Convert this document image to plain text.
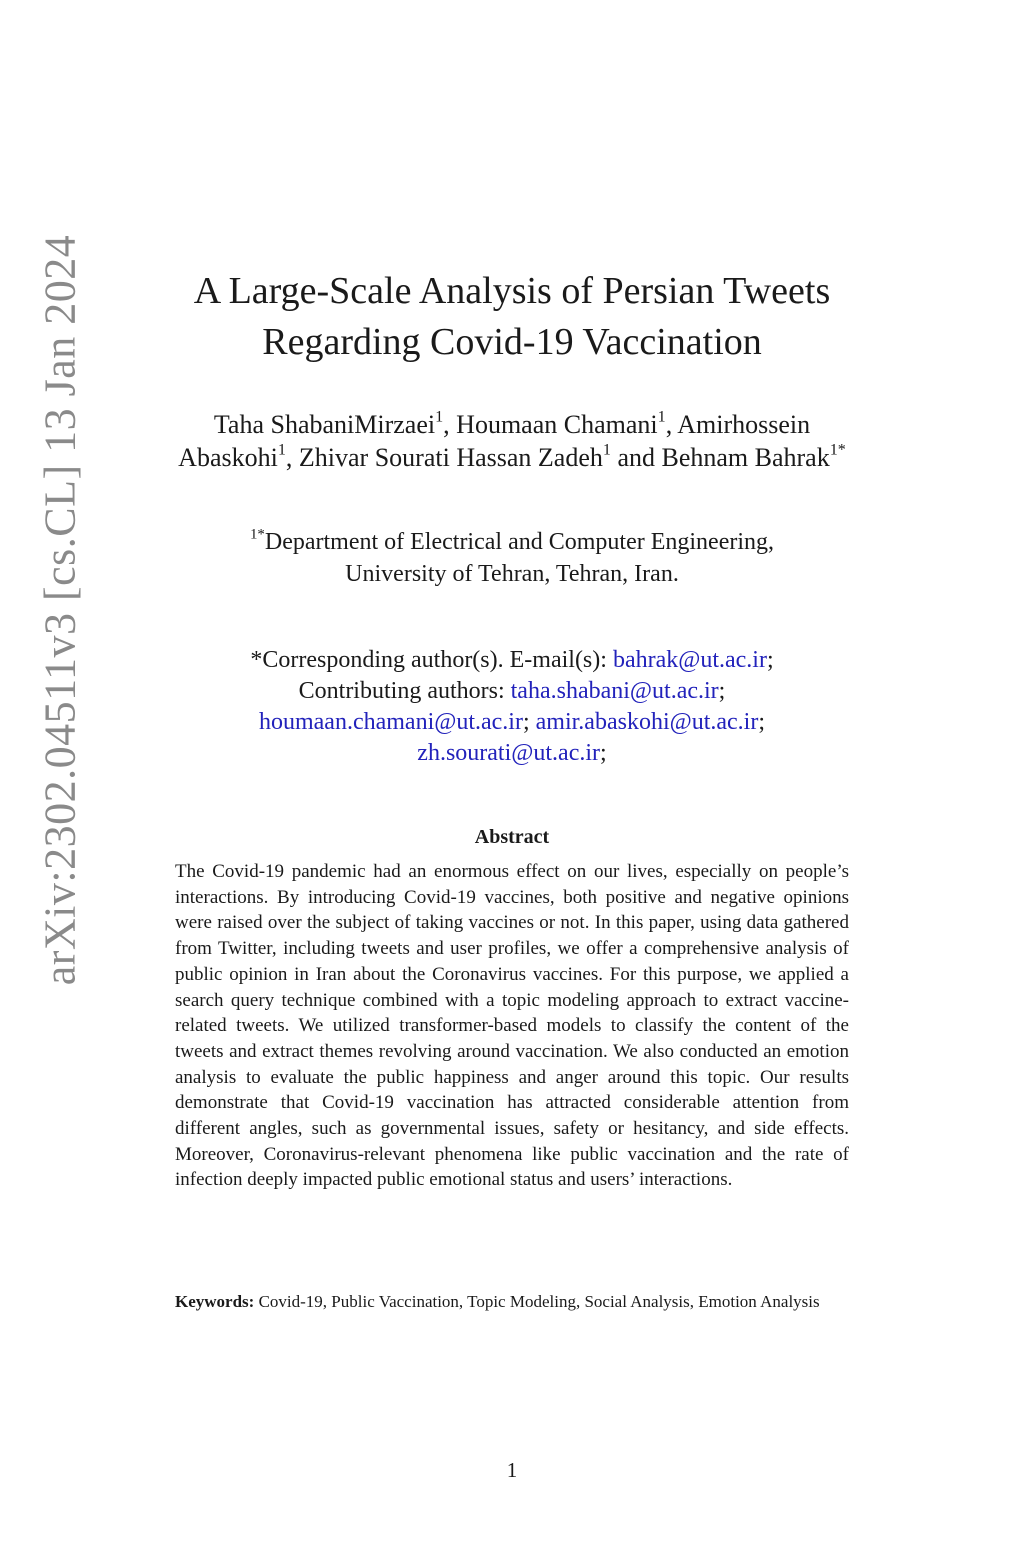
arXiv:2302.04511v3 [cs.CL] 13 Jan 2024	A Large-Scale Analysis of Persian Tweets
Regarding Covid-19 Vaccination
Taha ShabaniMirzaei$^1$, Houmaan Chamani$^1$, Amirhossein Abaskohi$^1$, Zhivar Sourati Hassan Zadeh$^1$ and Behnam Bahrak$^{1*}$
$^{1*}$Department of Electrical and Computer Engineering,
University of Tehran, Tehran, Iran.
*Corresponding author(s). E-mail(s): bahrak@ut.ac.ir;
Contributing authors: taha.shabani@ut.ac.ir;
houmaan.chamani@ut.ac.ir; amir.abaskohi@ut.ac.ir;
zh.sourati@ut.ac.ir;
Abstract

The Covid-19 pandemic had an enormous effect on our lives, especially on people’s interactions. By introducing Covid-19 vaccines, both positive and negative opinions were raised over the subject of taking vaccines or not. In this paper, using data gathered from Twitter, including tweets and user profiles, we offer a comprehensive analysis of public opinion in Iran about the Coronavirus vaccines. For this purpose, we applied a search query technique combined with a topic modeling approach to extract vaccine-related tweets. We utilized transformer-based models to classify the content of the tweets and extract themes revolving around vaccination. We also conducted an emotion analysis to evaluate the public happiness and anger around this topic. Our results demonstrate that Covid-19 vaccination has attracted considerable attention from different angles, such as governmental issues, safety or hesitancy, and side effects. Moreover, Coronavirus-relevant phenomena like public vaccination and the rate of infection deeply impacted public emotional status and users’ interactions.

Keywords: Covid-19, Public Vaccination, Topic Modeling, Social Analysis, Emotion Analysis
1
